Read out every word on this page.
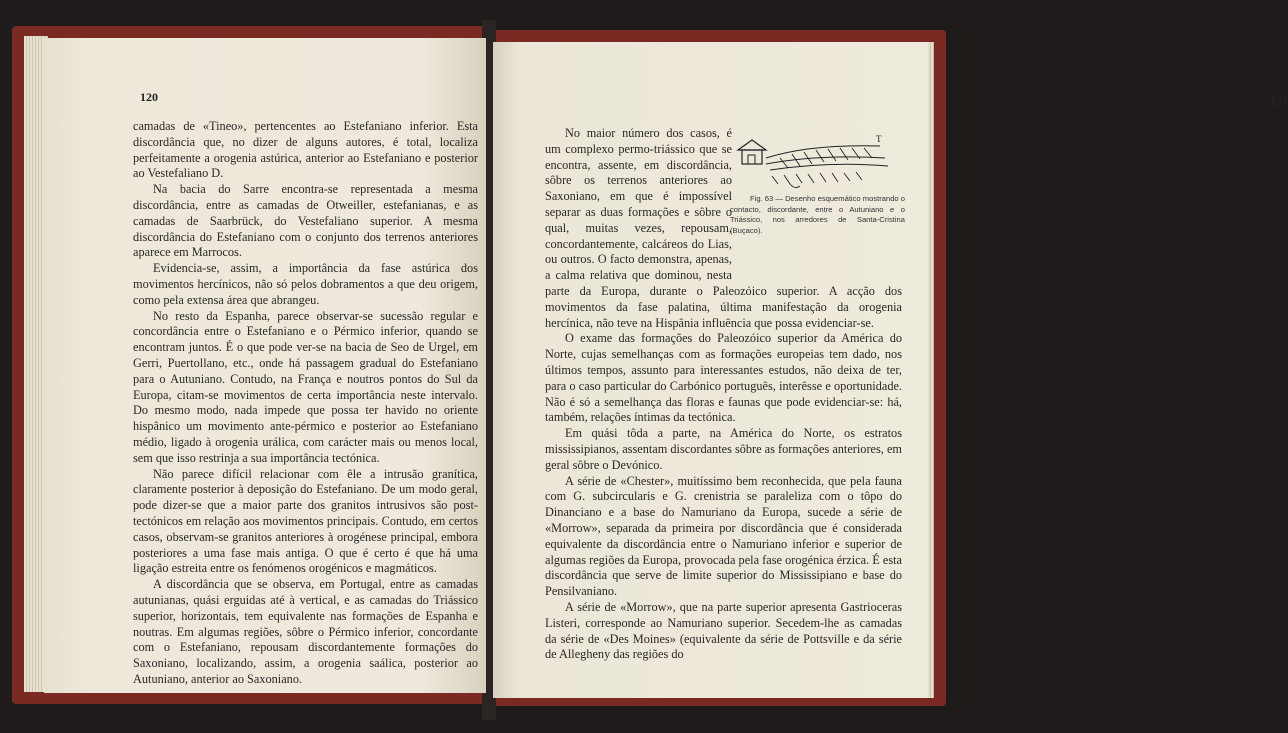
120

camadas de «Tineo», pertencentes ao Estefaniano inferior. Esta discordância que, no dizer de alguns autores, é total, localiza perfeitamente a orogenia astúrica, anterior ao Estefaniano e posterior ao Vestefaliano D.

Na bacia do Sarre encontra-se representada a mesma discordância, entre as camadas de Otweiller, estefanianas, e as camadas de Saarbrück, do Vestefaliano superior. A mesma discordância do Estefaniano com o conjunto dos terrenos anteriores aparece em Marrocos.

Evidencia-se, assim, a importância da fase astúrica dos movimentos hercínicos, não só pelos dobramentos a que deu origem, como pela extensa área que abrangeu.

No resto da Espanha, parece observar-se sucessão regular e concordância entre o Estefaniano e o Pérmico inferior, quando se encontram juntos. É o que pode ver-se na bacia de Seo de Urgel, em Gerri, Puertollano, etc., onde há passagem gradual do Estefaniano para o Autuniano. Contudo, na França e noutros pontos do Sul da Europa, citam-se movimentos de certa importância neste intervalo. Do mesmo modo, nada impede que possa ter havido no oriente hispânico um movimento ante-pérmico e posterior ao Estefaniano médio, ligado à orogenia urálica, com carácter mais ou menos local, sem que isso restrinja a sua importância tectónica.

Não parece difícil relacionar com êle a intrusão granítica, claramente posterior à deposição do Estefaniano. De um modo geral, pode dizer-se que a maior parte dos granitos intrusivos são post-tectónicos em relação aos movimentos principais. Contudo, em certos casos, observam-se granitos anteriores à orogénese principal, embora posteriores a uma fase mais antiga. O que é certo é que há uma ligação estreita entre os fenómenos orogénicos e magmáticos.

A discordância que se observa, em Portugal, entre as camadas autunianas, quási erguidas até à vertical, e as camadas do Triássico superior, horizontais, tem equivalente nas formações de Espanha e noutras. Em algumas regiões, sôbre o Pérmico inferior, concordante com o Estefaniano, repousam discordantemente formações do Saxoniano, localizando, assim, a orogenia saálica, posterior ao Autuniano, anterior ao Saxoniano.

121

T
Fig. 63 — Desenho esquemático mostrando o contacto, discordante, entre o Autuniano e o Triássico, nos arredores de Santa-Cristina (Buçaco).
No maior número dos casos, é um complexo permo-triássico que se encontra, assente, em discordância, sôbre os terrenos anteriores ao Saxoniano, em que é impossível separar as duas formações e sôbre o qual, muitas vezes, repousam, concordantemente, calcáreos do Lias, ou outros. O facto demonstra, apenas, a calma relativa que dominou, nesta parte da Europa, durante o Paleozóico superior. A acção dos movimentos da fase palatina, última manifestação da orogenia hercínica, não teve na Hispânia influência que possa evidenciar-se.

O exame das formações do Paleozóico superior da América do Norte, cujas semelhanças com as formações europeias tem dado, nos últimos tempos, assunto para interessantes estudos, não deixa de ter, para o caso particular do Carbónico português, interêsse e oportunidade. Não é só a semelhança das floras e faunas que pode evidenciar-se: há, também, relações íntimas da tectónica.

Em quási tôda a parte, na América do Norte, os estratos mississipianos, assentam discordantes sôbre as formações anteriores, em geral sôbre o Devónico.

A série de «Chester», muitíssimo bem reconhecida, que pela fauna com G. subcircularis e G. crenistria se paraleliza com o tôpo do Dinanciano e a base do Namuriano da Europa, sucede a série de «Morrow», separada da primeira por discordância que é considerada equivalente da discordância entre o Namuriano inferior e superior de algumas regiões da Europa, provocada pela fase orogénica érzica. É esta discordância que serve de limite superior do Mississipiano e base do Pensilvaniano.

A série de «Morrow», que na parte superior apresenta Gastrioceras Listeri, corresponde ao Namuriano superior. Secedem-lhe as camadas da série de «Des Moines» (equivalente da série de Pottsville e da série de Allegheny das regiões do
